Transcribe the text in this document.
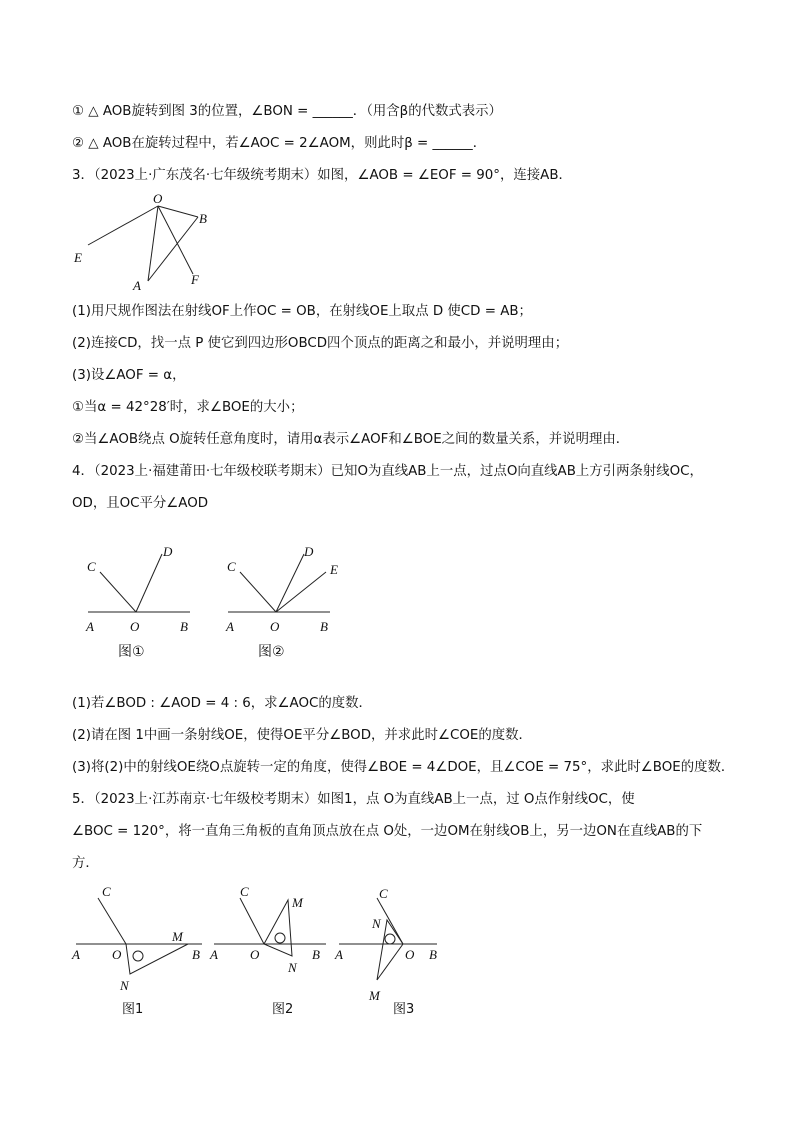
① △ AOB旋转到图 3的位置，∠BON = ______．（用含β的代数式表示）
② △ AOB在旋转过程中，若∠AOC = 2∠AOM，则此时β = ______．
3．（2023上·广东茂名·七年级统考期末）如图，∠AOB = ∠EOF = 90°，连接AB．
O
B
E
A	F
(1)用尺规作图法在射线OF上作OC = OB，在射线OE上取点 D 使CD = AB；
(2)连接CD，找一点 P 使它到四边形OBCD四个顶点的距离之和最小，并说明理由；
(3)设∠AOF = α，
①当α = 42°28′时，求∠BOE的大小；
②当∠AOB绕点 O旋转任意角度时，请用α表示∠AOF和∠BOE之间的数量关系，并说明理由．
4．（2023上·福建莆田·七年级校联考期末）已知O为直线AB上一点，过点O向直线AB上方引两条射线OC，
OD，且OC平分∠AOD
C
D
A	O	B
图①
C
D
E
A	O	B
图②
(1)若∠BOD : ∠AOD = 4 : 6，求∠AOC的度数．
(2)请在图 1中画一条射线OE，使得OE平分∠BOD，并求此时∠COE的度数．
(3)将(2)中的射线OE绕O点旋转一定的角度，使得∠BOE = 4∠DOE，且∠COE = 75°，求此时∠BOE的度数．
5．（2023上·江苏南京·七年级校考期末）如图1，点 O为直线AB上一点，过 O点作射线OC，使
∠BOC = 120°，将一直角三角板的直角顶点放在点 O处，一边OM在射线OB上，另一边ON在直线AB的下
方．
C
A O
M
B
N
图1
C
M
A O
N
B
图2
C
N
A	O B
M
图3
